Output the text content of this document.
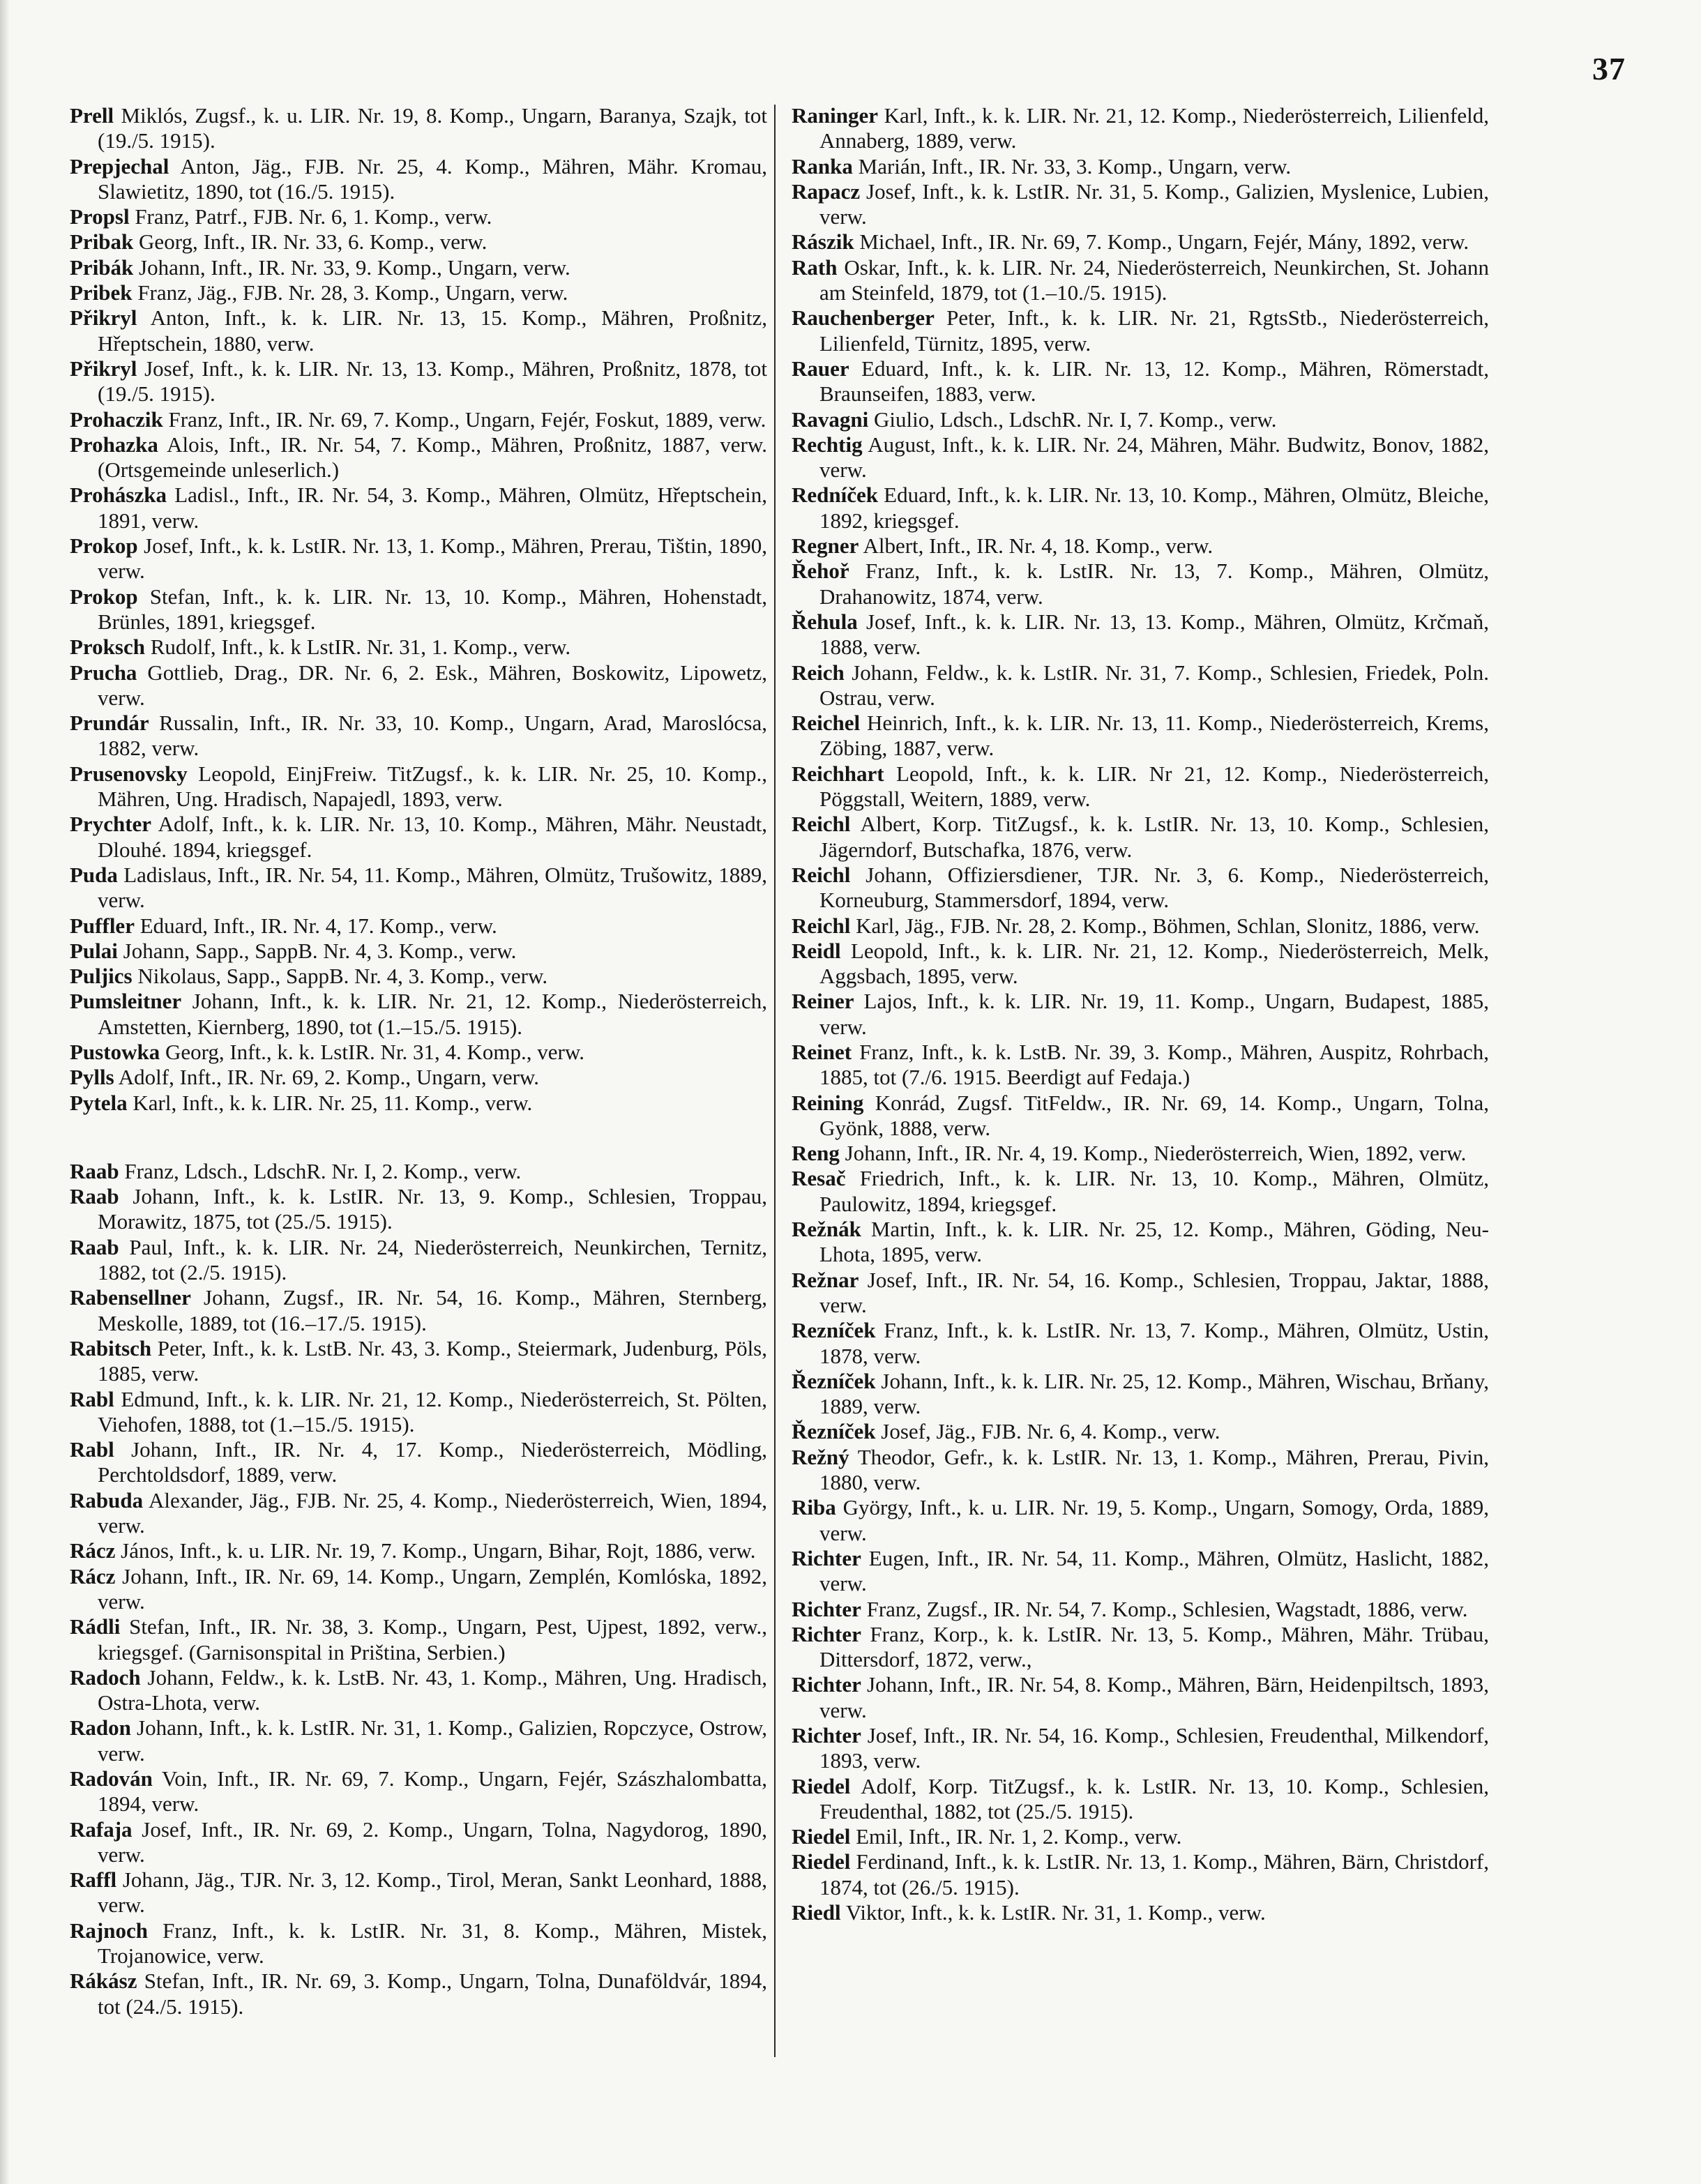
37
Prell Miklós, Zugsf., k. u. LIR. Nr. 19, 8. Komp., Ungarn, Baranya, Szajk, tot (19./5. 1915).
Prepjechal Anton, Jäg., FJB. Nr. 25, 4. Komp., Mähren, Mähr. Kromau, Slawietitz, 1890, tot (16./5. 1915).
Propsl Franz, Patrf., FJB. Nr. 6, 1. Komp., verw.
Pribak Georg, Inft., IR. Nr. 33, 6. Komp., verw.
Pribák Johann, Inft., IR. Nr. 33, 9. Komp., Ungarn, verw.
Pribek Franz, Jäg., FJB. Nr. 28, 3. Komp., Ungarn, verw.
Přikryl Anton, Inft., k. k. LIR. Nr. 13, 15. Komp., Mähren, Proßnitz, Hřeptschein, 1880, verw.
Přikryl Josef, Inft., k. k. LIR. Nr. 13, 13. Komp., Mähren, Proßnitz, 1878, tot (19./5. 1915).
Prohaczik Franz, Inft., IR. Nr. 69, 7. Komp., Ungarn, Fejér, Foskut, 1889, verw.
Prohazka Alois, Inft., IR. Nr. 54, 7. Komp., Mähren, Proßnitz, 1887, verw. (Ortsgemeinde unleserlich.)
Prohászka Ladisl., Inft., IR. Nr. 54, 3. Komp., Mähren, Olmütz, Hřeptschein, 1891, verw.
Prokop Josef, Inft., k. k. LstIR. Nr. 13, 1. Komp., Mähren, Prerau, Tištin, 1890, verw.
Prokop Stefan, Inft., k. k. LIR. Nr. 13, 10. Komp., Mähren, Hohenstadt, Brünles, 1891, kriegsgef.
Proksch Rudolf, Inft., k. k LstIR. Nr. 31, 1. Komp., verw.
Prucha Gottlieb, Drag., DR. Nr. 6, 2. Esk., Mähren, Boskowitz, Lipowetz, verw.
Prundár Russalin, Inft., IR. Nr. 33, 10. Komp., Ungarn, Arad, Maroslócsa, 1882, verw.
Prusenovsky Leopold, EinjFreiw. TitZugsf., k. k. LIR. Nr. 25, 10. Komp., Mähren, Ung. Hradisch, Napajedl, 1893, verw.
Prychter Adolf, Inft., k. k. LIR. Nr. 13, 10. Komp., Mähren, Mähr. Neustadt, Dlouhé. 1894, kriegsgef.
Puda Ladislaus, Inft., IR. Nr. 54, 11. Komp., Mähren, Olmütz, Trušowitz, 1889, verw.
Puffler Eduard, Inft., IR. Nr. 4, 17. Komp., verw.
Pulai Johann, Sapp., SappB. Nr. 4, 3. Komp., verw.
Puljics Nikolaus, Sapp., SappB. Nr. 4, 3. Komp., verw.
Pumsleitner Johann, Inft., k. k. LIR. Nr. 21, 12. Komp., Niederösterreich, Amstetten, Kiernberg, 1890, tot (1.–15./5. 1915).
Pustowka Georg, Inft., k. k. LstIR. Nr. 31, 4. Komp., verw.
Pylls Adolf, Inft., IR. Nr. 69, 2. Komp., Ungarn, verw.
Pytela Karl, Inft., k. k. LIR. Nr. 25, 11. Komp., verw.
Raab Franz, Ldsch., LdschR. Nr. I, 2. Komp., verw.
Raab Johann, Inft., k. k. LstIR. Nr. 13, 9. Komp., Schlesien, Troppau, Morawitz, 1875, tot (25./5. 1915).
Raab Paul, Inft., k. k. LIR. Nr. 24, Niederösterreich, Neunkirchen, Ternitz, 1882, tot (2./5. 1915).
Rabensellner Johann, Zugsf., IR. Nr. 54, 16. Komp., Mähren, Sternberg, Meskolle, 1889, tot (16.–17./5. 1915).
Rabitsch Peter, Inft., k. k. LstB. Nr. 43, 3. Komp., Steiermark, Judenburg, Pöls, 1885, verw.
Rabl Edmund, Inft., k. k. LIR. Nr. 21, 12. Komp., Niederösterreich, St. Pölten, Viehofen, 1888, tot (1.–15./5. 1915).
Rabl Johann, Inft., IR. Nr. 4, 17. Komp., Niederösterreich, Mödling, Perchtoldsdorf, 1889, verw.
Rabuda Alexander, Jäg., FJB. Nr. 25, 4. Komp., Niederösterreich, Wien, 1894, verw.
Rácz János, Inft., k. u. LIR. Nr. 19, 7. Komp., Ungarn, Bihar, Rojt, 1886, verw.
Rácz Johann, Inft., IR. Nr. 69, 14. Komp., Ungarn, Zemplén, Komlóska, 1892, verw.
Rádli Stefan, Inft., IR. Nr. 38, 3. Komp., Ungarn, Pest, Ujpest, 1892, verw., kriegsgef. (Garnisonspital in Priština, Serbien.)
Radoch Johann, Feldw., k. k. LstB. Nr. 43, 1. Komp., Mähren, Ung. Hradisch, Ostra-Lhota, verw.
Radon Johann, Inft., k. k. LstIR. Nr. 31, 1. Komp., Galizien, Ropczyce, Ostrow, verw.
Radován Voin, Inft., IR. Nr. 69, 7. Komp., Ungarn, Fejér, Szászhalombatta, 1894, verw.
Rafaja Josef, Inft., IR. Nr. 69, 2. Komp., Ungarn, Tolna, Nagydorog, 1890, verw.
Raffl Johann, Jäg., TJR. Nr. 3, 12. Komp., Tirol, Meran, Sankt Leonhard, 1888, verw.
Rajnoch Franz, Inft., k. k. LstIR. Nr. 31, 8. Komp., Mähren, Mistek, Trojanowice, verw.
Rákász Stefan, Inft., IR. Nr. 69, 3. Komp., Ungarn, Tolna, Dunaföldvár, 1894, tot (24./5. 1915).
Raninger Karl, Inft., k. k. LIR. Nr. 21, 12. Komp., Niederösterreich, Lilienfeld, Annaberg, 1889, verw.
Ranka Marián, Inft., IR. Nr. 33, 3. Komp., Ungarn, verw.
Rapacz Josef, Inft., k. k. LstIR. Nr. 31, 5. Komp., Galizien, Myslenice, Lubien, verw.
Rászik Michael, Inft., IR. Nr. 69, 7. Komp., Ungarn, Fejér, Mány, 1892, verw.
Rath Oskar, Inft., k. k. LIR. Nr. 24, Niederösterreich, Neunkirchen, St. Johann am Steinfeld, 1879, tot (1.–10./5. 1915).
Rauchenberger Peter, Inft., k. k. LIR. Nr. 21, RgtsStb., Niederösterreich, Lilienfeld, Türnitz, 1895, verw.
Rauer Eduard, Inft., k. k. LIR. Nr. 13, 12. Komp., Mähren, Römerstadt, Braunseifen, 1883, verw.
Ravagni Giulio, Ldsch., LdschR. Nr. I, 7. Komp., verw.
Rechtig August, Inft., k. k. LIR. Nr. 24, Mähren, Mähr. Budwitz, Bonov, 1882, verw.
Redníček Eduard, Inft., k. k. LIR. Nr. 13, 10. Komp., Mähren, Olmütz, Bleiche, 1892, kriegsgef.
Regner Albert, Inft., IR. Nr. 4, 18. Komp., verw.
Řehoř Franz, Inft., k. k. LstIR. Nr. 13, 7. Komp., Mähren, Olmütz, Drahanowitz, 1874, verw.
Řehula Josef, Inft., k. k. LIR. Nr. 13, 13. Komp., Mähren, Olmütz, Krčmaň, 1888, verw.
Reich Johann, Feldw., k. k. LstIR. Nr. 31, 7. Komp., Schlesien, Friedek, Poln. Ostrau, verw.
Reichel Heinrich, Inft., k. k. LIR. Nr. 13, 11. Komp., Niederösterreich, Krems, Zöbing, 1887, verw.
Reichhart Leopold, Inft., k. k. LIR. Nr 21, 12. Komp., Niederösterreich, Pöggstall, Weitern, 1889, verw.
Reichl Albert, Korp. TitZugsf., k. k. LstIR. Nr. 13, 10. Komp., Schlesien, Jägerndorf, Butschafka, 1876, verw.
Reichl Johann, Offiziersdiener, TJR. Nr. 3, 6. Komp., Niederösterreich, Korneuburg, Stammersdorf, 1894, verw.
Reichl Karl, Jäg., FJB. Nr. 28, 2. Komp., Böhmen, Schlan, Slonitz, 1886, verw.
Reidl Leopold, Inft., k. k. LIR. Nr. 21, 12. Komp., Niederösterreich, Melk, Aggsbach, 1895, verw.
Reiner Lajos, Inft., k. k. LIR. Nr. 19, 11. Komp., Ungarn, Budapest, 1885, verw.
Reinet Franz, Inft., k. k. LstB. Nr. 39, 3. Komp., Mähren, Auspitz, Rohrbach, 1885, tot (7./6. 1915. Beerdigt auf Fedaja.)
Reining Konrád, Zugsf. TitFeldw., IR. Nr. 69, 14. Komp., Ungarn, Tolna, Gyönk, 1888, verw.
Reng Johann, Inft., IR. Nr. 4, 19. Komp., Niederösterreich, Wien, 1892, verw.
Resač Friedrich, Inft., k. k. LIR. Nr. 13, 10. Komp., Mähren, Olmütz, Paulowitz, 1894, kriegsgef.
Režnák Martin, Inft., k. k. LIR. Nr. 25, 12. Komp., Mähren, Göding, Neu-Lhota, 1895, verw.
Režnar Josef, Inft., IR. Nr. 54, 16. Komp., Schlesien, Troppau, Jaktar, 1888, verw.
Rezníček Franz, Inft., k. k. LstIR. Nr. 13, 7. Komp., Mähren, Olmütz, Ustin, 1878, verw.
Řezníček Johann, Inft., k. k. LIR. Nr. 25, 12. Komp., Mähren, Wischau, Brňany, 1889, verw.
Řezníček Josef, Jäg., FJB. Nr. 6, 4. Komp., verw.
Režný Theodor, Gefr., k. k. LstIR. Nr. 13, 1. Komp., Mähren, Prerau, Pivin, 1880, verw.
Riba György, Inft., k. u. LIR. Nr. 19, 5. Komp., Ungarn, Somogy, Orda, 1889, verw.
Richter Eugen, Inft., IR. Nr. 54, 11. Komp., Mähren, Olmütz, Haslicht, 1882, verw.
Richter Franz, Zugsf., IR. Nr. 54, 7. Komp., Schlesien, Wagstadt, 1886, verw.
Richter Franz, Korp., k. k. LstIR. Nr. 13, 5. Komp., Mähren, Mähr. Trübau, Dittersdorf, 1872, verw.,
Richter Johann, Inft., IR. Nr. 54, 8. Komp., Mähren, Bärn, Heidenpiltsch, 1893, verw.
Richter Josef, Inft., IR. Nr. 54, 16. Komp., Schlesien, Freudenthal, Milkendorf, 1893, verw.
Riedel Adolf, Korp. TitZugsf., k. k. LstIR. Nr. 13, 10. Komp., Schlesien, Freudenthal, 1882, tot (25./5. 1915).
Riedel Emil, Inft., IR. Nr. 1, 2. Komp., verw.
Riedel Ferdinand, Inft., k. k. LstIR. Nr. 13, 1. Komp., Mähren, Bärn, Christdorf, 1874, tot (26./5. 1915).
Riedl Viktor, Inft., k. k. LstIR. Nr. 31, 1. Komp., verw.
